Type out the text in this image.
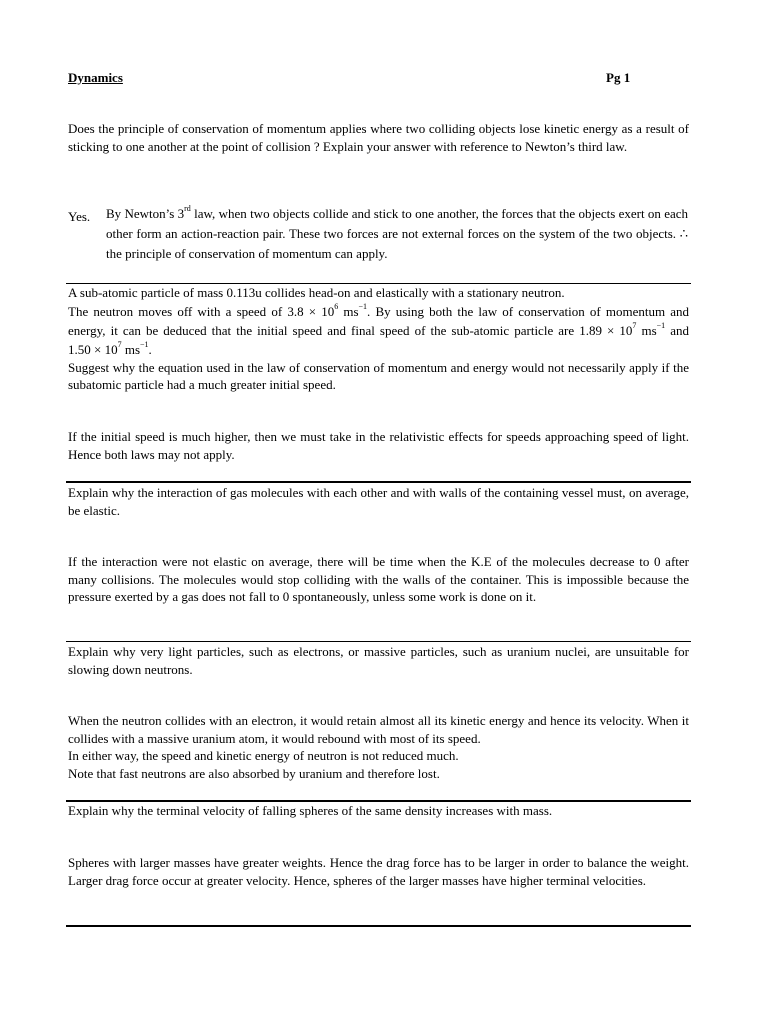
Dynamics	Pg 1
Does the principle of conservation of momentum applies where two colliding objects lose kinetic energy as a result of sticking to one another at the point of collision ? Explain your answer with reference to Newton’s third law.
Yes. By Newton’s 3rd law, when two objects collide and stick to one another, the forces that the objects exert on each other form an action-reaction pair. These two forces are not external forces on the system of the two objects. ∴ the principle of conservation of momentum can apply.
A sub-atomic particle of mass 0.113u collides head-on and elastically with a stationary neutron.
The neutron moves off with a speed of $3.8 \times 10^6$ $ms^{-1}$. By using both the law of conservation of momentum and energy, it can be deduced that the initial speed and final speed of the sub-atomic particle are $1.89 \times 10^7$ $ms^{-1}$ and $1.50 \times 10^7$ $ms^{-1}$.
Suggest why the equation used in the law of conservation of momentum and energy would not necessarily apply if the subatomic particle had a much greater initial speed.
If the initial speed is much higher, then we must take in the relativistic effects for speeds approaching speed of light. Hence both laws may not apply.
Explain why the interaction of gas molecules with each other and with walls of the containing vessel must, on average, be elastic.
If the interaction were not elastic on average, there will be time when the K.E of the molecules decrease to 0 after many collisions. The molecules would stop colliding with the walls of the container. This is impossible because the pressure exerted by a gas does not fall to 0 spontaneously, unless some work is done on it.
Explain why very light particles, such as electrons, or massive particles, such as uranium nuclei, are unsuitable for slowing down neutrons.
When the neutron collides with an electron, it would retain almost all its kinetic energy and hence its velocity. When it collides with a massive uranium atom, it would rebound with most of its speed.
In either way, the speed and kinetic energy of neutron is not reduced much.
Note that fast neutrons are also absorbed by uranium and therefore lost.
Explain why the terminal velocity of falling spheres of the same density increases with mass.
Spheres with larger masses have greater weights. Hence the drag force has to be larger in order to balance the weight. Larger drag force occur at greater velocity. Hence, spheres of the larger masses have higher terminal velocities.
